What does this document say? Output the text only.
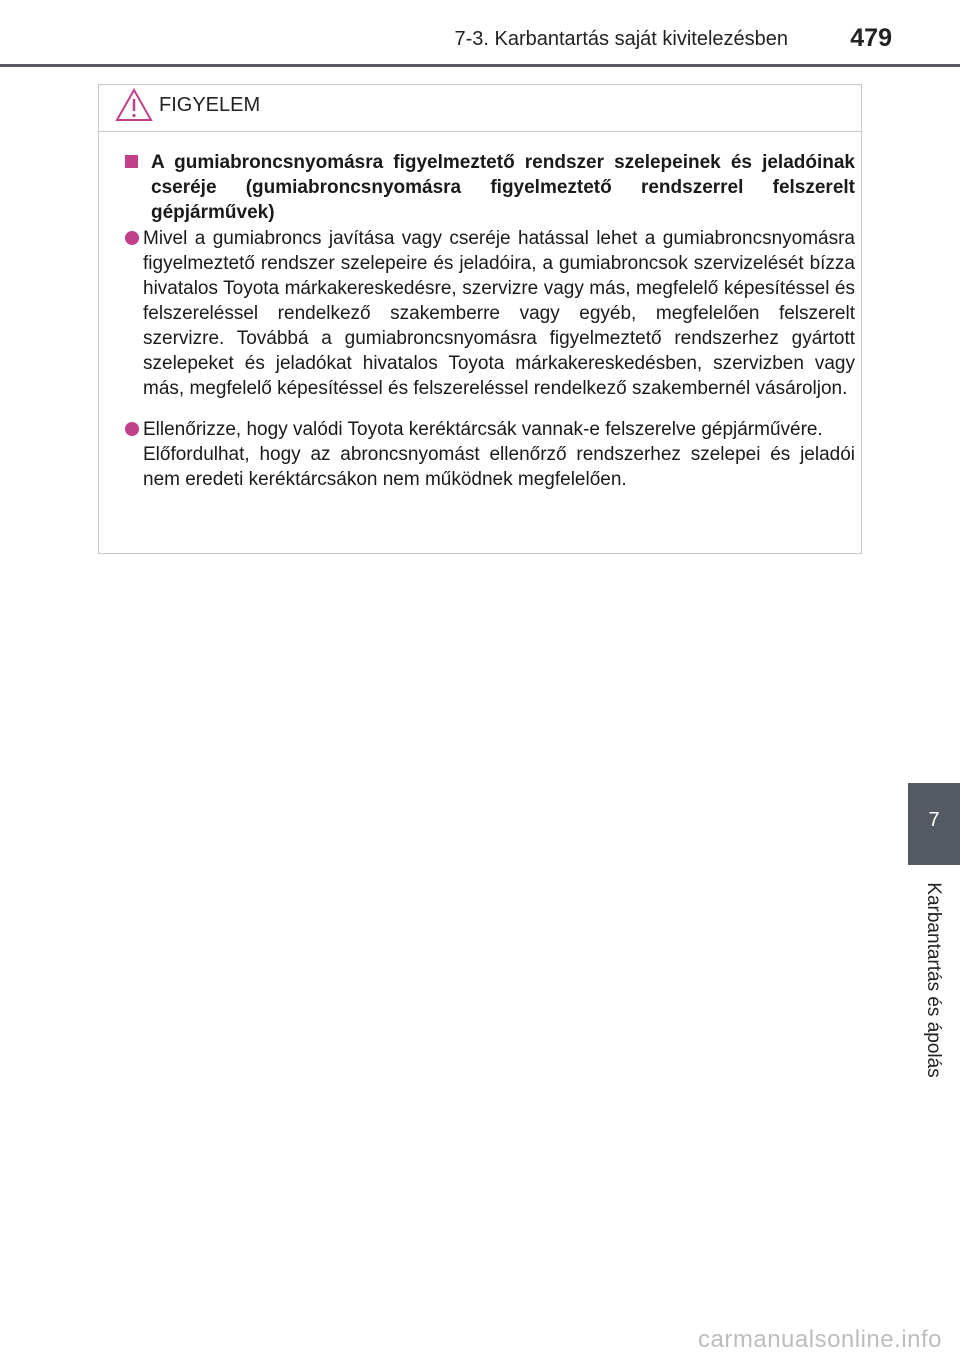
7-3. Karbantartás saját kivitelezésben 479
FIGYELEM

A gumiabroncsnyomásra figyelmeztető rendszer szelepeinek és jeladóinak cseréje (gumiabroncsnyomásra figyelmeztető rendszerrel felszerelt gépjárművek)

Mivel a gumiabroncs javítása vagy cseréje hatással lehet a gumiabroncsnyomásra figyelmeztető rendszer szelepeire és jeladóira, a gumiabroncsok szervizelését bízza hivatalos Toyota márkakereskedésre, szervizre vagy más, megfelelő képesítéssel és felszereléssel rendelkező szakemberre vagy egyéb, megfelelően felszerelt szervizre. Továbbá a gumiabroncsnyomásra figyelmeztető rendszerhez gyártott szelepeket és jeladókat hivatalos Toyota márkakereskedésben, szervizben vagy más, megfelelő képesítéssel és felszereléssel rendelkező szakembernél vásároljon.

Ellenőrizze, hogy valódi Toyota keréktárcsák vannak-e felszerelve gépjárművére.

Előfordulhat, hogy az abroncsnyomást ellenőrző rendszerhez szelepei és jeladói nem eredeti keréktárcsákon nem működnek megfelelően.

7
Karbantartás és ápolás
carmanualsonline.info
